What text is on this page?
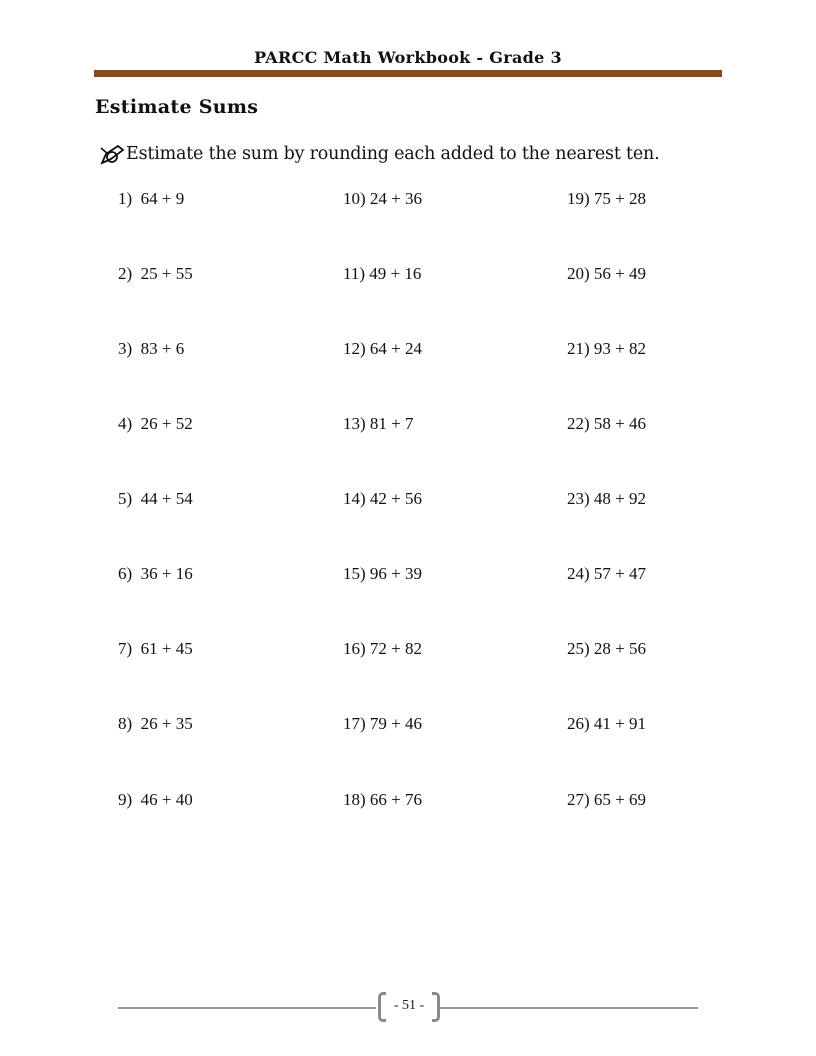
PARCC Math Workbook - Grade 3
Estimate Sums
Estimate the sum by rounding each added to the nearest ten.
1)  64 + 9
2)  25 + 55
3)  83 + 6
4)  26 + 52
5)  44 + 54
6)  36 + 16
7)  61 + 45
8)  26 + 35
9)  46 + 40
10) 24 + 36
11) 49 + 16
12) 64 + 24
13) 81 + 7
14) 42 + 56
15) 96 + 39
16) 72 + 82
17) 79 + 46
18) 66 + 76
19) 75 + 28
20) 56 + 49
21) 93 + 82
22) 58 + 46
23) 48 + 92
24) 57 + 47
25) 28 + 56
26) 41 + 91
27) 65 + 69
- 51 -
